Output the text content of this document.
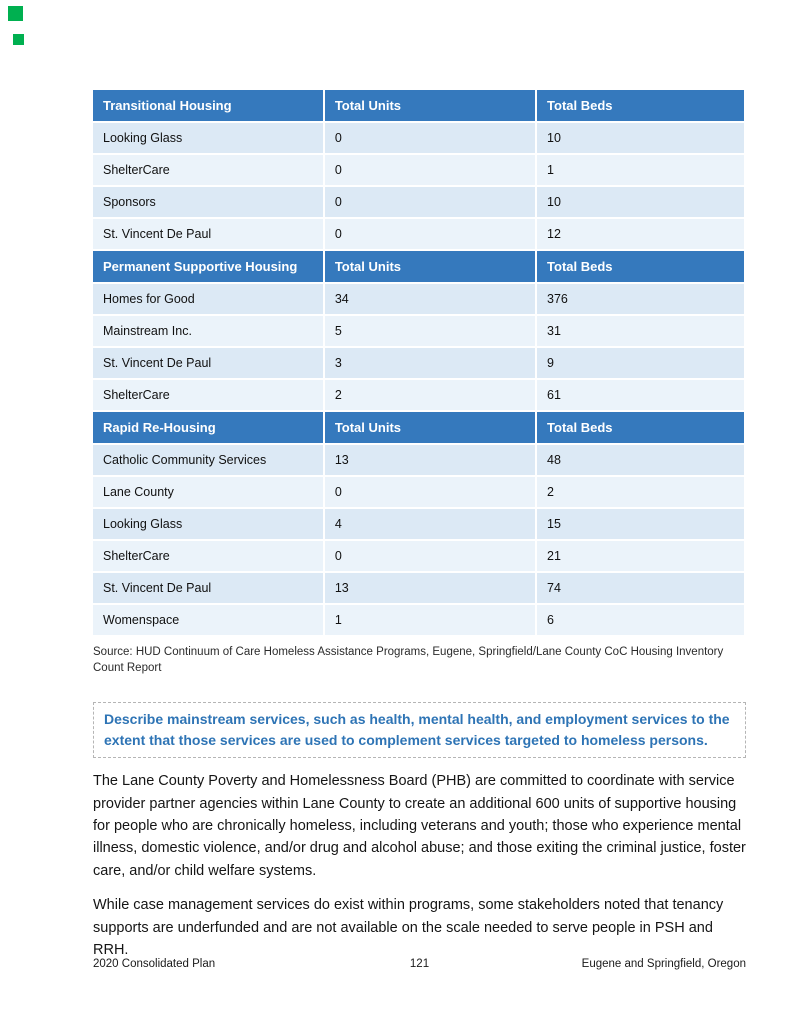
Transitional Housing	Total Units	Total Beds
Looking Glass	0	10
ShelterCare	0	1
Sponsors	0	10
St. Vincent De Paul	0	12
Permanent Supportive Housing	Total Units	Total Beds
Homes for Good	34	376
Mainstream Inc.	5	31
St. Vincent De Paul	3	9
ShelterCare	2	61
Rapid Re-Housing	Total Units	Total Beds
Catholic Community Services	13	48
Lane County	0	2
Looking Glass	4	15
ShelterCare	0	21
St. Vincent De Paul	13	74
Womenspace	1	6

Source: HUD Continuum of Care Homeless Assistance Programs, Eugene, Springfield/Lane County CoC Housing Inventory Count Report

Describe mainstream services, such as health, mental health, and employment services to the extent that those services are used to complement services targeted to homeless persons.

The Lane County Poverty and Homelessness Board (PHB) are committed to coordinate with service provider partner agencies within Lane County to create an additional 600 units of supportive housing for people who are chronically homeless, including veterans and youth; those who experience mental illness, domestic violence, and/or drug and alcohol abuse; and those exiting the criminal justice, foster care, and/or child welfare systems.

While case management services do exist within programs, some stakeholders noted that tenancy supports are underfunded and are not available on the scale needed to serve people in PSH and RRH.

2020 Consolidated Plan	121	Eugene and Springfield, Oregon
